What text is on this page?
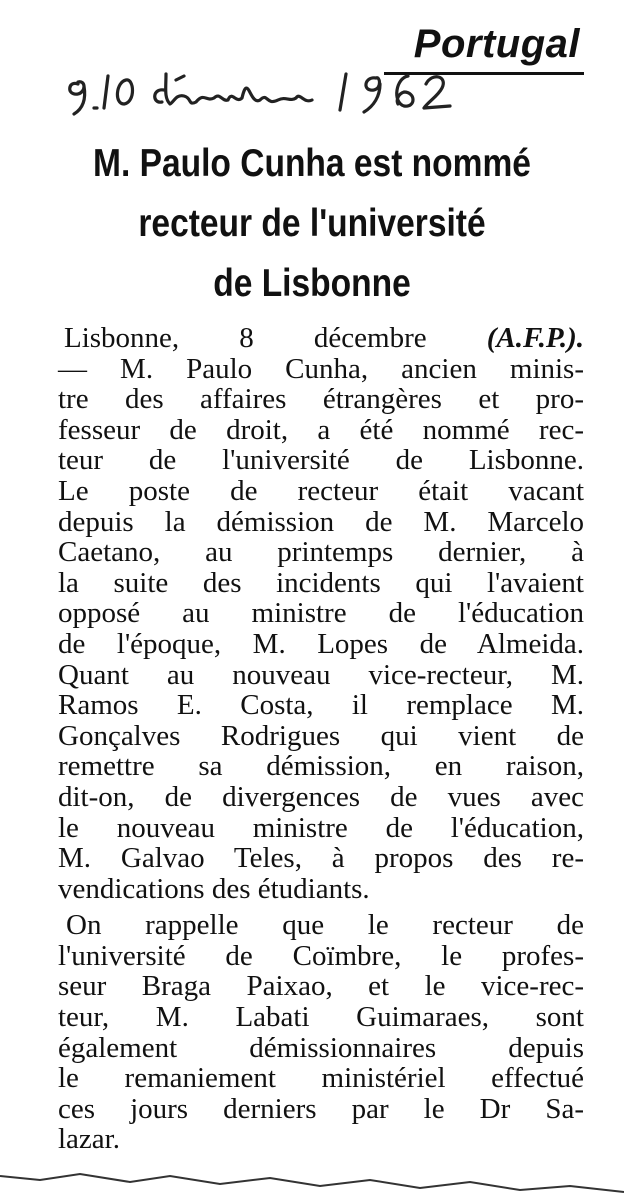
Portugal
M. Paulo Cunha est nommé
recteur de l'université
de Lisbonne

Lisbonne, 8 décembre (A.F.P.).
— M. Paulo Cunha, ancien minis-
tre des affaires étrangères et pro-
fesseur de droit, a été nommé rec-
teur de l'université de Lisbonne.
Le poste de recteur était vacant
depuis la démission de M. Marcelo
Caetano, au printemps dernier, à
la suite des incidents qui l'avaient
opposé au ministre de l'éducation
de l'époque, M. Lopes de Almeida.
Quant au nouveau vice-recteur, M.
Ramos E. Costa, il remplace M.
Gonçalves Rodrigues qui vient de
remettre sa démission, en raison,
dit-on, de divergences de vues avec
le nouveau ministre de l'éducation,
M. Galvao Teles, à propos des re-
vendications des étudiants.

On rappelle que le recteur de
l'université de Coïmbre, le profes-
seur Braga Paixao, et le vice-rec-
teur, M. Labati Guimaraes, sont
également démissionnaires depuis
le remaniement ministériel effectué
ces jours derniers par le Dr Sa-
lazar.
